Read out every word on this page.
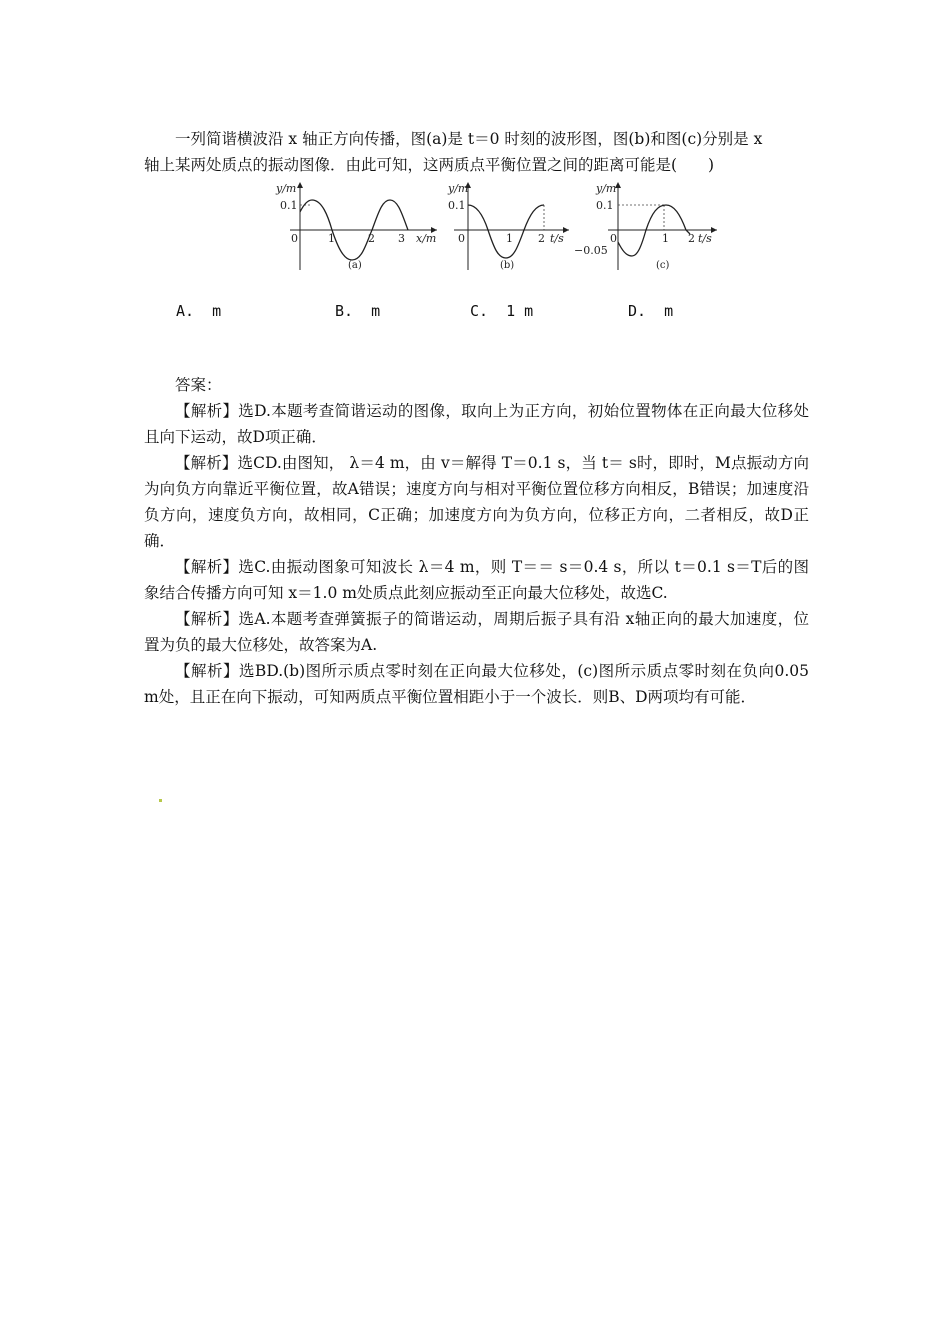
一列简谐横波沿 x 轴正方向传播，图(a)是 t＝0 时刻的波形图，图(b)和图(c)分别是 x
轴上某两处质点的振动图像．由此可知，这两质点平衡位置之间的距离可能是(　　)

y/m
0.1
0	1	2 3 x/m
(a)
y/m
0.1
0	1 2 t/s
(b)
y/m
0.1
−0.05
0	1 2 t/s
(c)
A. m	B. m	C. 1 m	D. m

答案：

【解析】选D.本题考查简谐运动的图像，取向上为正方向，初始位置物体在正向最大位移处且向下运动，故D项正确．

【解析】选CD.由图知， λ＝4 m，由 v＝解得 T＝0.1 s，当 t＝ s时，即时，M点振动方向为向负方向靠近平衡位置，故A错误；速度方向与相对平衡位置位移方向相反，B错误；加速度沿负方向，速度负方向，故相同，C正确；加速度方向为负方向，位移正方向，二者相反，故D正确．

【解析】选C.由振动图象可知波长 λ＝4 m，则 T＝＝ s＝0.4 s，所以 t＝0.1 s＝T后的图象结合传播方向可知 x＝1.0 m处质点此刻应振动至正向最大位移处，故选C.

【解析】选A.本题考查弹簧振子的简谐运动，周期后振子具有沿 x轴正向的最大加速度，位置为负的最大位移处，故答案为A.

【解析】选BD.(b)图所示质点零时刻在正向最大位移处，(c)图所示质点零时刻在负向0.05 m处，且正在向下振动，可知两质点平衡位置相距小于一个波长．则B、D两项均有可能．
